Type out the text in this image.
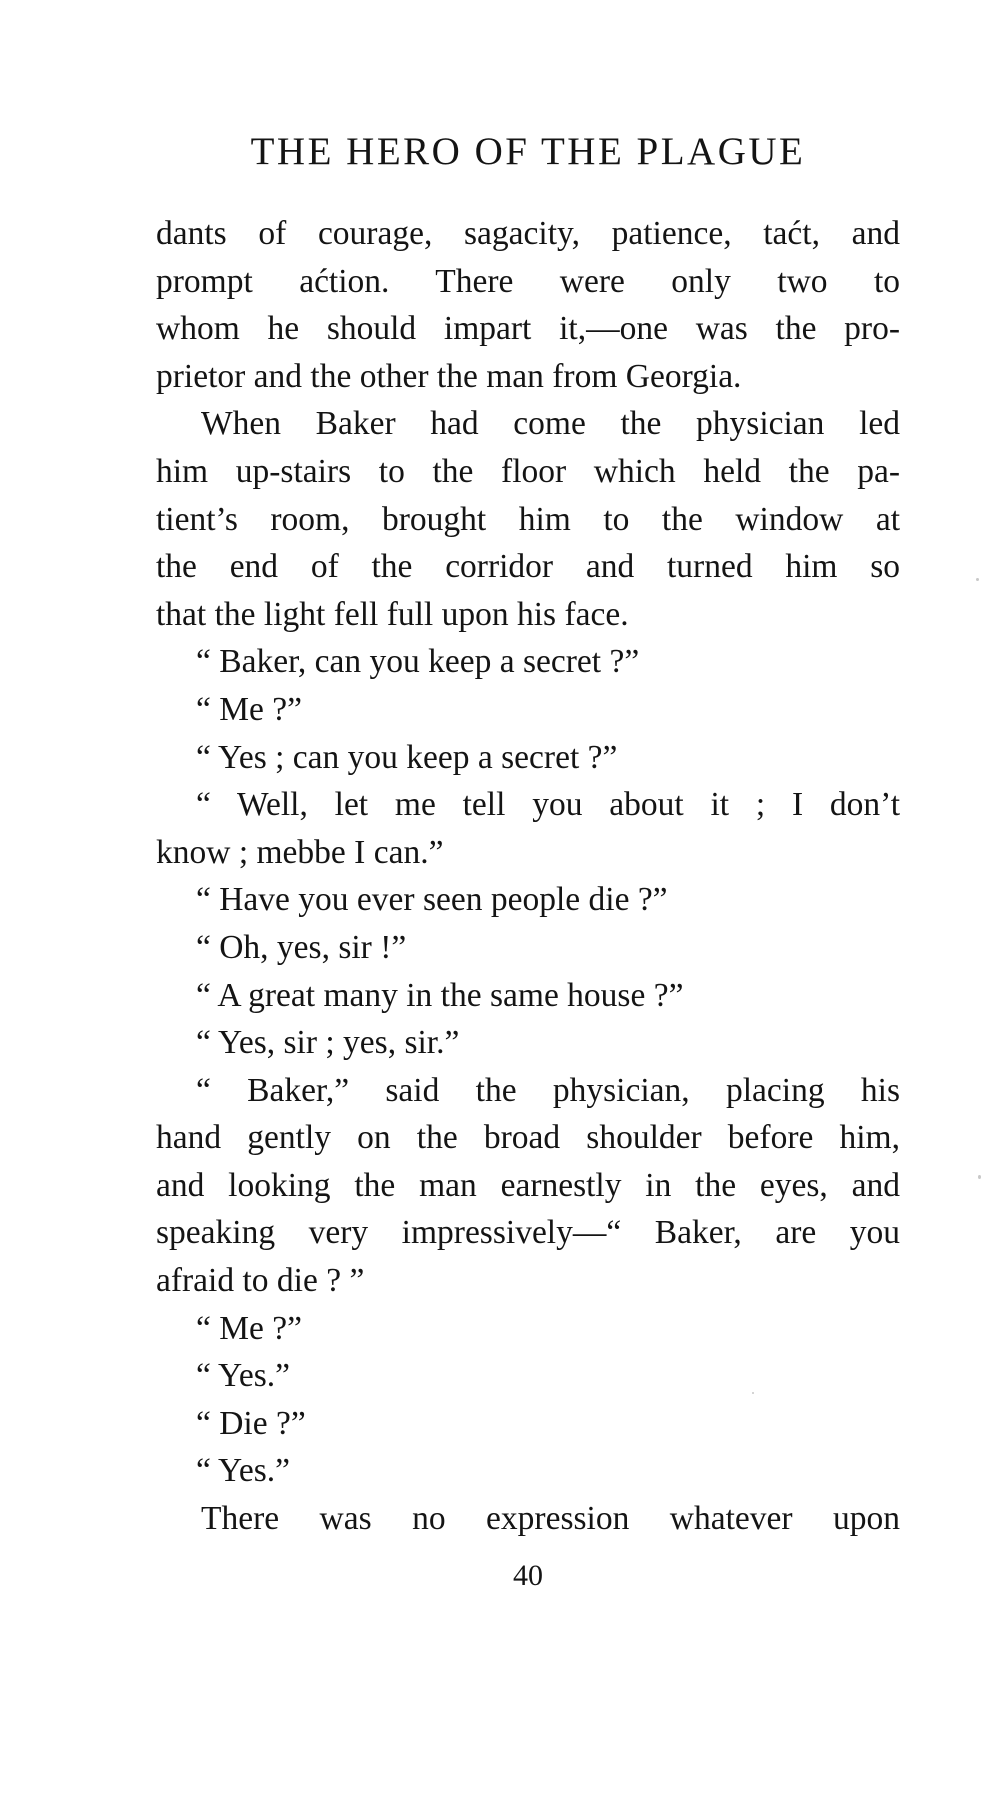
THE HERO OF THE PLAGUE
dants of courage, sagacity, patience, taćt, and
prompt aćtion. There were only two to
whom he should impart it,—one was the pro-
prietor and the other the man from Georgia.
When Baker had come the physician led
him up-stairs to the floor which held the pa-
tient’s room, brought him to the window at
the end of the corridor and turned him so
that the light fell full upon his face.
“ Baker, can you keep a secret ?”
“ Me ?”
“ Yes ; can you keep a secret ?”
“ Well, let me tell you about it ; I don’t
know ; mebbe I can.”
“ Have you ever seen people die ?”
“ Oh, yes, sir !”
“ A great many in the same house ?”
“ Yes, sir ; yes, sir.”
“ Baker,” said the physician, placing his
hand gently on the broad shoulder before him,
and looking the man earnestly in the eyes, and
speaking very impressively—“ Baker, are you
afraid to die ? ”
“ Me ?”
“ Yes.”
“ Die ?”
“ Yes.”
There was no expression whatever upon
40
